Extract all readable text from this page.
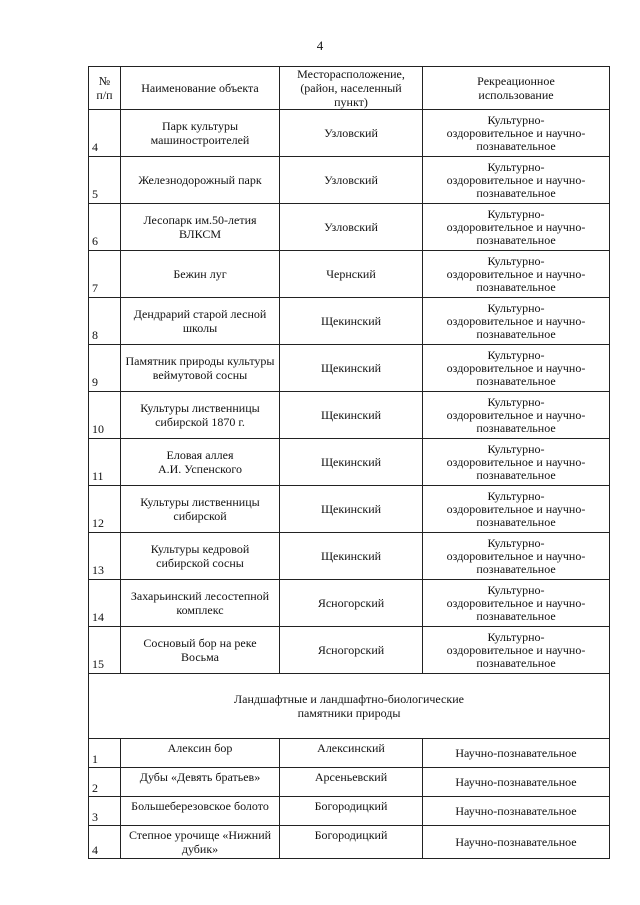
4
№
п/п	Наименование объекта	Месторасположение,
(район, населенный
пункт)	Рекреационное
использование
4	Парк культуры
машиностроителей	Узловский	Культурно-
оздоровительное и научно-
познавательное
5	Железнодорожный парк	Узловский	Культурно-
оздоровительное и научно-
познавательное
6	Лесопарк им.50-летия
ВЛКСМ	Узловский	Культурно-
оздоровительное и научно-
познавательное
7	Бежин луг	Чернский	Культурно-
оздоровительное и научно-
познавательное
8	Дендрарий старой лесной
школы	Щекинский	Культурно-
оздоровительное и научно-
познавательное
9	Памятник природы культуры
веймутовой сосны	Щекинский	Культурно-
оздоровительное и научно-
познавательное
10	Культуры лиственницы
сибирской 1870 г.	Щекинский	Культурно-
оздоровительное и научно-
познавательное
11	Еловая аллея
А.И. Успенского	Щекинский	Культурно-
оздоровительное и научно-
познавательное
12	Культуры лиственницы
сибирской	Щекинский	Культурно-
оздоровительное и научно-
познавательное
13	Культуры кедровой
сибирской сосны	Щекинский	Культурно-
оздоровительное и научно-
познавательное
14	Захарьинский лесостепной
комплекс	Ясногорский	Культурно-
оздоровительное и научно-
познавательное
15	Сосновый бор на реке
Восьма	Ясногорский	Культурно-
оздоровительное и научно-
познавательное
Ландшафтные и ландшафтно-биологические
памятники природы			
1	Алексин бор	Алексинский	Научно-познавательное
2	Дубы «Девять братьев»	Арсеньевский	Научно-познавательное
3	Большеберезовское болото	Богородицкий	Научно-познавательное
4	Степное урочище «Нижний
дубик»	Богородицкий	Научно-познавательное
